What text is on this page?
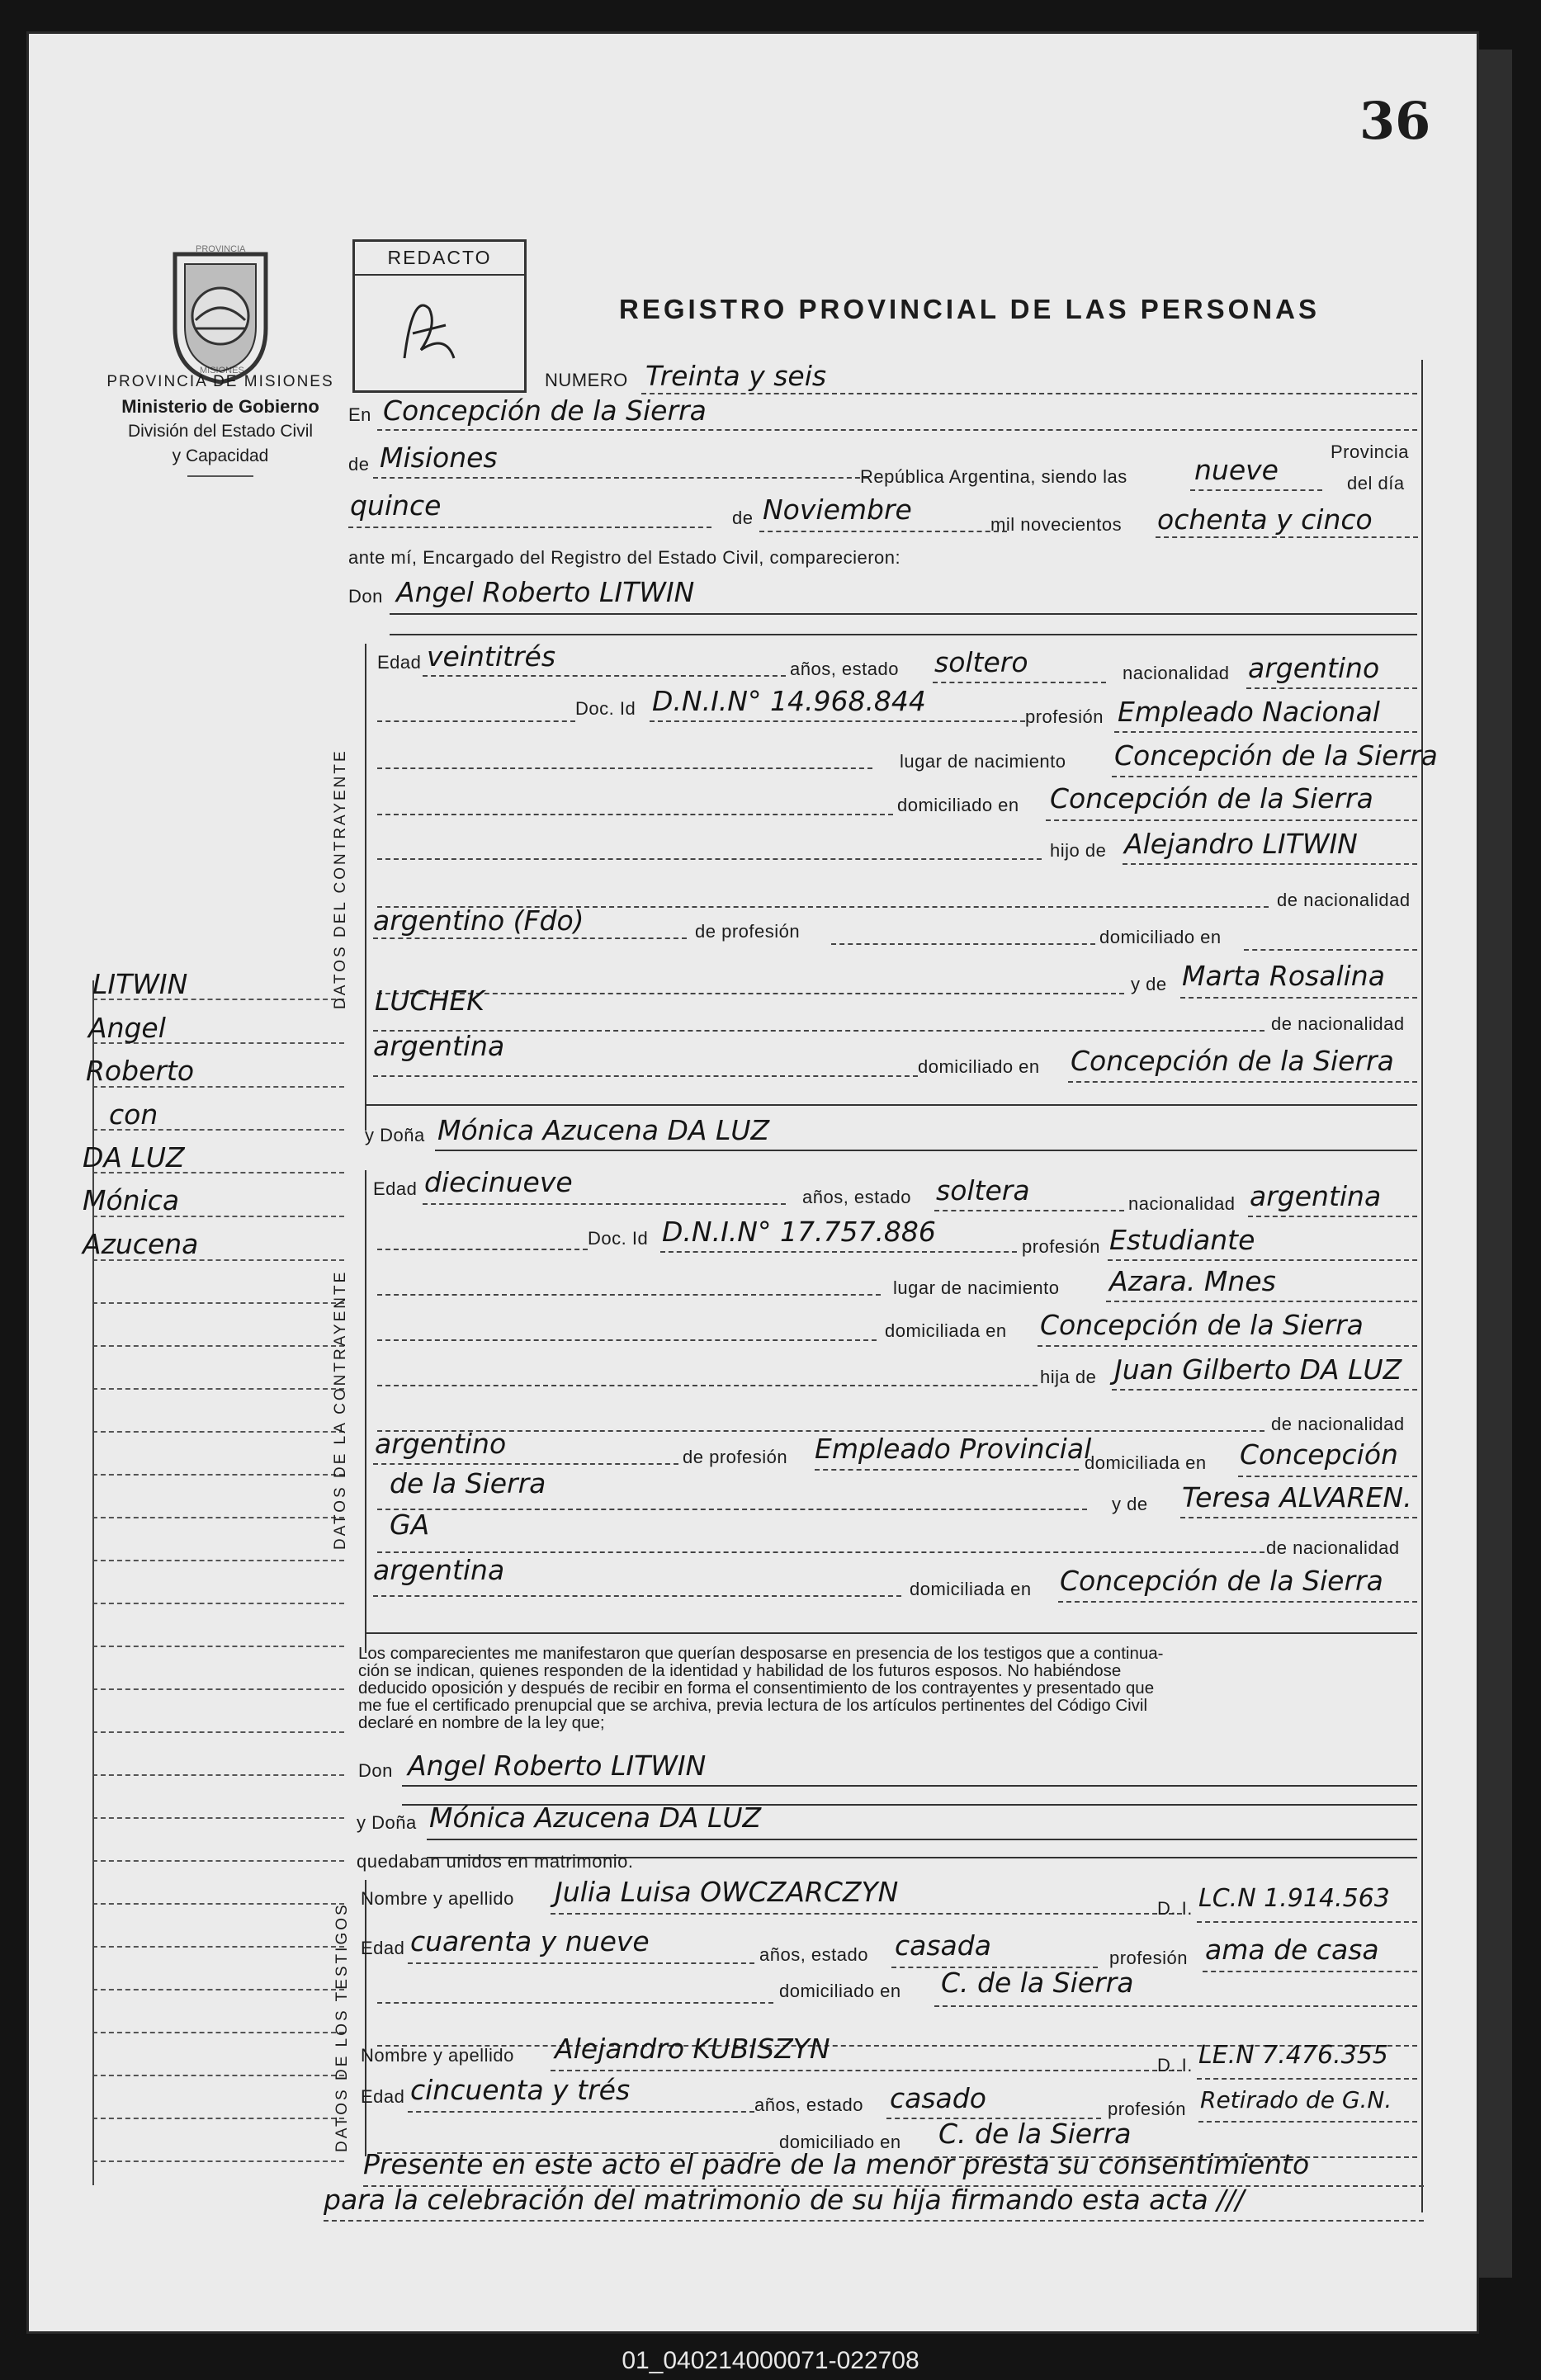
36
PROVINCIA
MISIONES
PROVINCIA DE MISIONES
Ministerio de Gobierno
División del Estado Civil
y Capacidad
REDACTO
REGISTRO PROVINCIAL DE LAS PERSONAS
LITWIN
Angel
Roberto
con
DA LUZ
Mónica
Azucena
NUMERO Treinta y seis
En Concepción de la Sierra
Provincia
de Misiones
República Argentina, siendo las nueve	del día
quince	de Noviembre	mil novecientos ochenta y cinco
ante mí, Encargado del Registro del Estado Civil, comparecieron:
Don Angel Roberto LITWIN
DATOS DEL CONTRAYENTE
Edad veintitrés	años, estado soltero	nacionalidad argentino
Doc. Id D.N.I.N° 14.968.844	profesión Empleado Nacional
lugar de nacimiento Concepción de la Sierra
domiciliado en Concepción de la Sierra
hijo de Alejandro LITWIN
de nacionalidad
argentino (Fdo)	de profesión	domiciliado en
y de Marta Rosalina
LUCHEK
de nacionalidad
argentina
domiciliado en Concepción de la Sierra
y Doña Mónica Azucena DA LUZ
DATOS DE LA CONTRAYENTE
Edad diecinueve	años, estado soltera	nacionalidad argentina
Doc. Id D.N.I.N° 17.757.886	profesión Estudiante
lugar de nacimiento Azara. Mnes
domiciliada en Concepción de la Sierra
hija de Juan Gilberto DA LUZ
de nacionalidad
argentino	de profesión Empleado Provincial
domiciliada en Concepción
de la Sierra
y de Teresa ALVAREN.
GA
de nacionalidad
argentina
domiciliada en Concepción de la Sierra
Los comparecientes me manifestaron que querían desposarse en presencia de los testigos que a continua-
ción se indican, quienes responden de la identidad y habilidad de los futuros esposos. No habiéndose
deducido oposición y después de recibir en forma el consentimiento de los contrayentes y presentado que
me fue el certificado prenupcial que se archiva, previa lectura de los artículos pertinentes del Código Civil
declaré en nombre de la ley que;
Don Angel Roberto LITWIN
y Doña Mónica Azucena DA LUZ
quedaban unidos en matrimonio.
DATOS DE LOS TESTIGOS
Nombre y apellido Julia Luisa OWCZARCZYN
D. I. LC.N 1.914.563
Edad cuarenta y nueve	años, estado casada	profesión ama de casa
domiciliado en C. de la Sierra
Nombre y apellido Alejandro KUBISZYN
D. I. LE.N 7.476.355
Edad cincuenta y trés	años, estado casado	profesión Retirado de G.N.
domiciliado en C. de la Sierra
Presente en este acto el padre de la menor presta su consentimiento
para la celebración del matrimonio de su hija firmando esta acta ///
01_040214000071-022708
